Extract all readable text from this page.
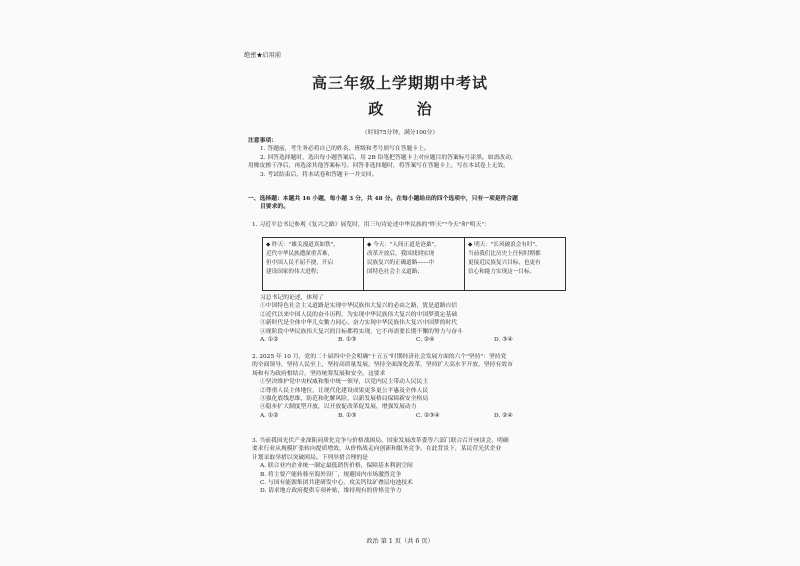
绝密★启用前
高三年级上学期期中考试
政 治
（时间75分钟，满分100分）
注意事项：
1. 答题前，考生务必将自己的姓名、班级和考号填写在答题卡上。
2. 回答选择题时，选出每小题答案后，用 2B 铅笔把答题卡上对应题目的答案标号涂黑。如需改动，
用橡皮擦干净后，再选涂其他答案标号。回答非选择题时，将答案写在答题卡上，写在本试卷上无效。
3. 考试结束后，将本试卷和答题卡一并交回。
一、选择题：本题共 16 小题，每小题 3 分，共 48 分。在每小题给出的四个选项中，只有一项是符合题
目要求的。
1. 习近平总书记参观《复兴之路》展览时，用三句诗论述中华民族的"昨天""今天"和"明天"：
◆ 昨天："雄关漫道真如铁"，
近代中华民族遭深重苦难，
但中国人民不屈不挠，开启
建设国家的伟大进程；
◆ 今天："人间正道是沧桑"，
改革开放后，我国找到实现
民族复兴的正确道路——中
国特色社会主义道路；
◆ 明天："长风破浪会有时"，
当前我们比历史上任何时期都
更接近民族复兴目标，也更有
信心和能力实现这一目标。
习总书记的论述，体现了
①中国特色社会主义道路是实现中华民族伟大复兴的必由之路，犹是道路自信
②近代以来中国人民的奋斗历程，为实现中华民族伟大复兴的中国梦奠定基础
③新时代是全体中华儿女勠力同心、奋力实现中华民族伟大复兴中国梦的时代
④现阶段中华民族伟大复兴的目标都将实现，它不再需要长期不懈的努力与奋斗
A. ①②	B. ①③	C. ②④	D. ③④
2. 2025 年 10 月，党的二十届四中全会明确"十五五"时期经济社会发展方面的六个"坚持"：坚持党
的全面领导，坚持人民至上，坚持高质量发展，坚持全面深化改革，坚持扩大高水平开放，坚持有效市
场和有为政府相结合，坚持统筹发展和安全。这要求
①坚决维护党中央权威和集中统一领导，以党内民主带动人民民主
②尊重人民主体地位，让现代化建设成果更多更公平惠及全体人民
③强化底线思维，防范和化解风险，以新发展格局保障新安全格局
④稳步扩大制度型开放，以开放促改革促发展，增强发展动力
A. ①②	B. ①③	C. ②③④	D. ②④
3. 当前我国光伏产业深陷同质化竞争与价格战困局。国家发展改革委等六部门联合召开座谈会，明确
要求行业从规模扩张转向提质增效，从价格战走向创新和服务竞争。在此背景下，某民营光伏企业
计划采取举措以突破困局。下列举措合理的是
A. 联合业内企业统一制定最低销售价格，保障基本利润空间
B. 将主要产能转移至海外设厂，规避国内市场激烈竞争
C. 与国有能源集团共建研发中心，攻关钙钛矿叠层电池技术
D. 请求地方政府提供专项补贴，维持现有的价格竞争力
政治 第 1 页（共 6 页）
